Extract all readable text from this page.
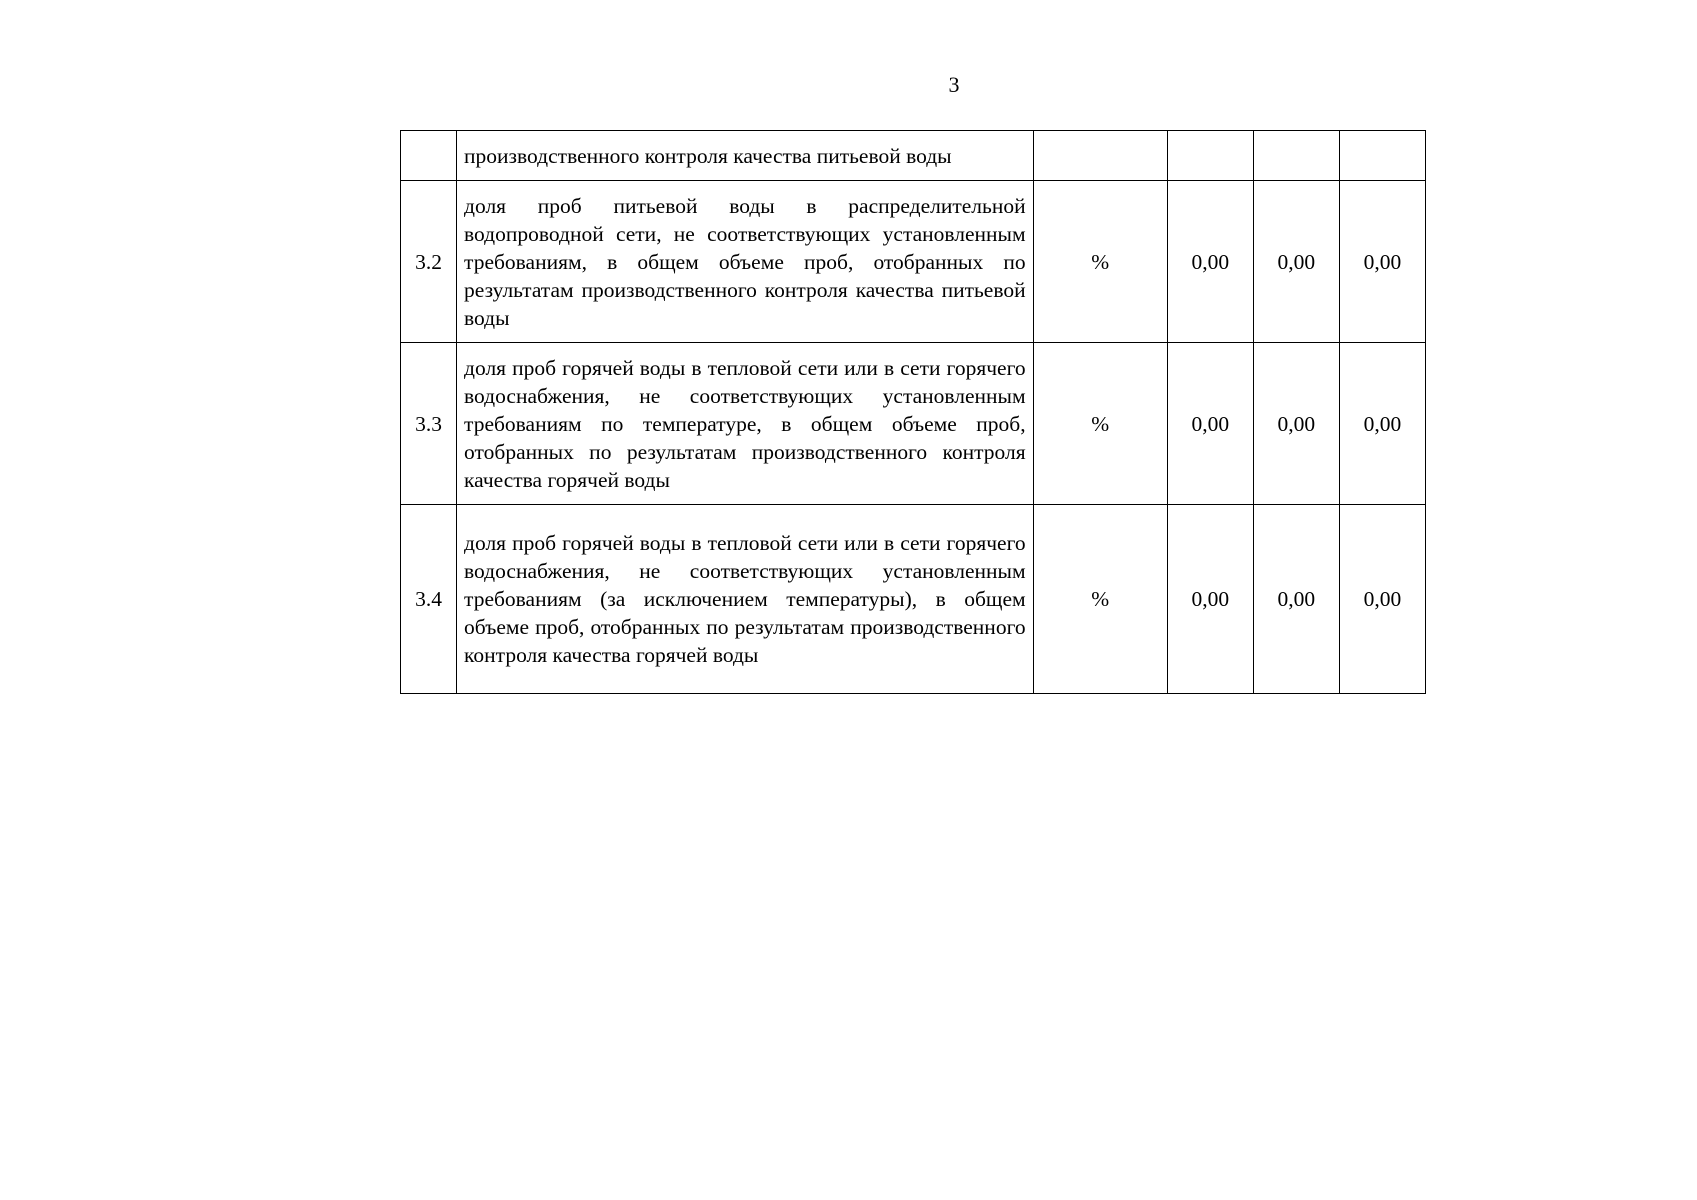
3
	производственного контроля качества питьевой воды				
3.2	доля проб питьевой воды в распределительной водопроводной сети, не соответствующих установленным требованиям, в общем объеме проб, отобранных по результатам производственного контроля качества питьевой воды	%	0,00	0,00	0,00
3.3	доля проб горячей воды в тепловой сети или в сети горячего водоснабжения, не соответствующих установленным требованиям по температуре, в общем объеме проб, отобранных по результатам производственного контроля качества горячей воды	%	0,00	0,00	0,00
3.4	доля проб горячей воды в тепловой сети или в сети горячего водоснабжения, не соответствующих установленным требованиям (за исключением температуры), в общем объеме проб, отобранных по результатам производственного контроля качества горячей воды	%	0,00	0,00	0,00
